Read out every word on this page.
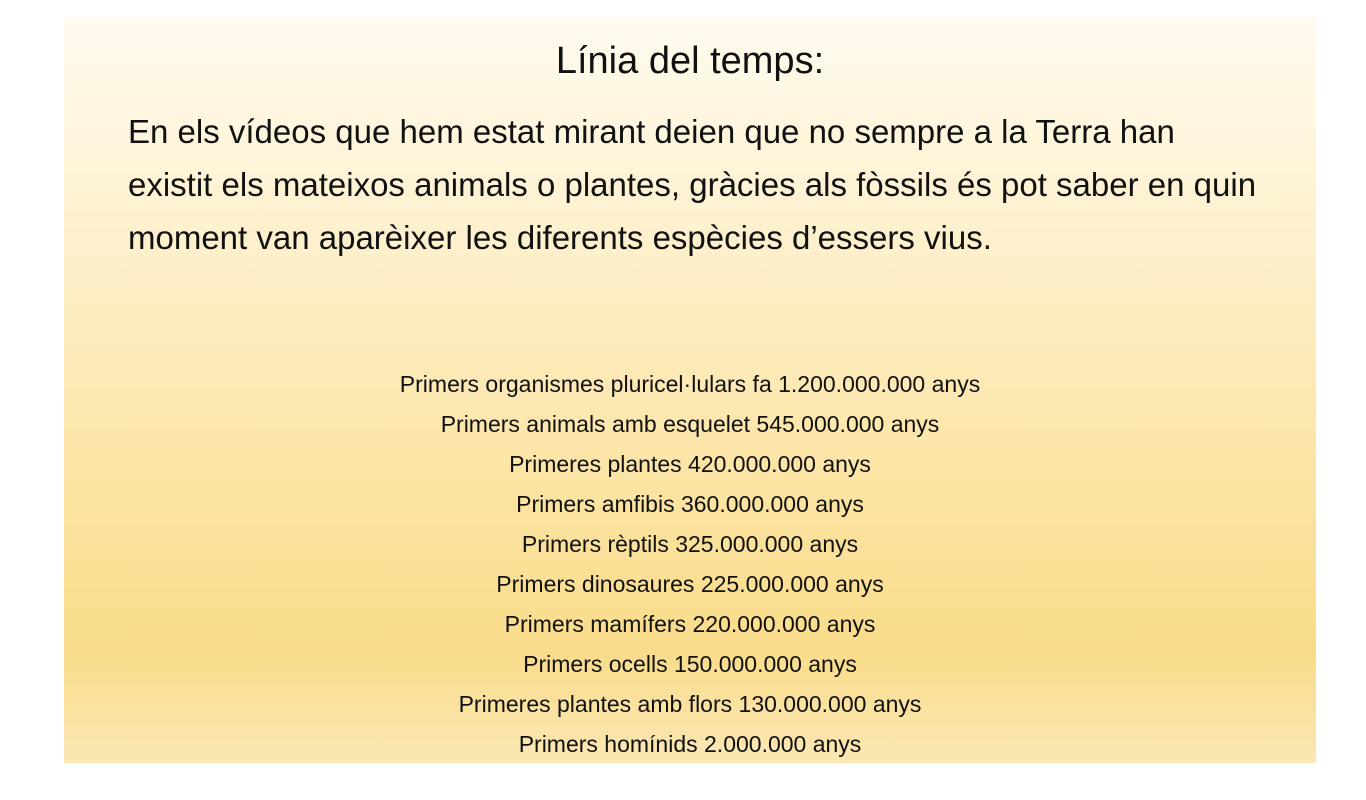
Línia del temps:

En els vídeos que hem estat mirant deien que no sempre a la Terra han existit els mateixos animals o plantes, gràcies als fòssils és pot saber en quin moment van aparèixer les diferents espècies d’essers vius.

Primers organismes pluricel·lulars fa 1.200.000.000 anys
Primers animals amb esquelet 545.000.000 anys
Primeres plantes 420.000.000 anys
Primers amfibis 360.000.000 anys
Primers rèptils 325.000.000 anys
Primers dinosaures 225.000.000 anys
Primers mamífers 220.000.000 anys
Primers ocells 150.000.000 anys
Primeres plantes amb flors 130.000.000 anys
Primers homínids 2.000.000 anys
